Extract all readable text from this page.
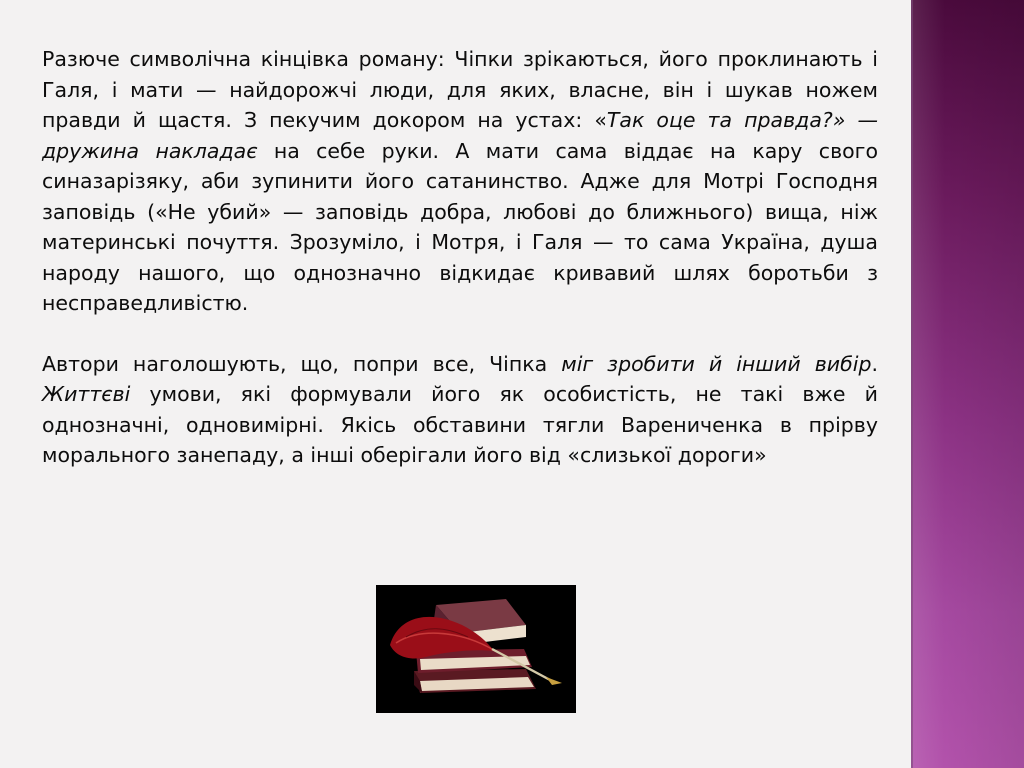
Разюче символічна кінцівка роману: Чіпки зрікаються, його проклинають і Галя, і мати — найдорожчі люди, для яких, власне, він і шукав ножем правди й щастя. З пекучим докором на устах: «Так оце та правда?» — дружина накладає на себе руки. А мати сама віддає на кару свого синазарізяку, аби зупинити його сатанинство. Адже для Мотрі Господня заповідь («Не убий» — заповідь добра, любові до ближнього) вища, ніж материнські почуття. Зрозуміло, і Мотря, і Галя — то сама Україна, душа народу нашого, що однозначно відкидає кривавий шлях боротьби з несправедливістю.

Автори наголошують, що, попри все, Чіпка міг зробити й інший вибір. Життєві умови, які формували його як особистість, не такі вже й однозначні, одновимірні. Якісь обставини тягли Варениченка в прірву морального занепаду, а інші оберігали його від «слизької дороги»
